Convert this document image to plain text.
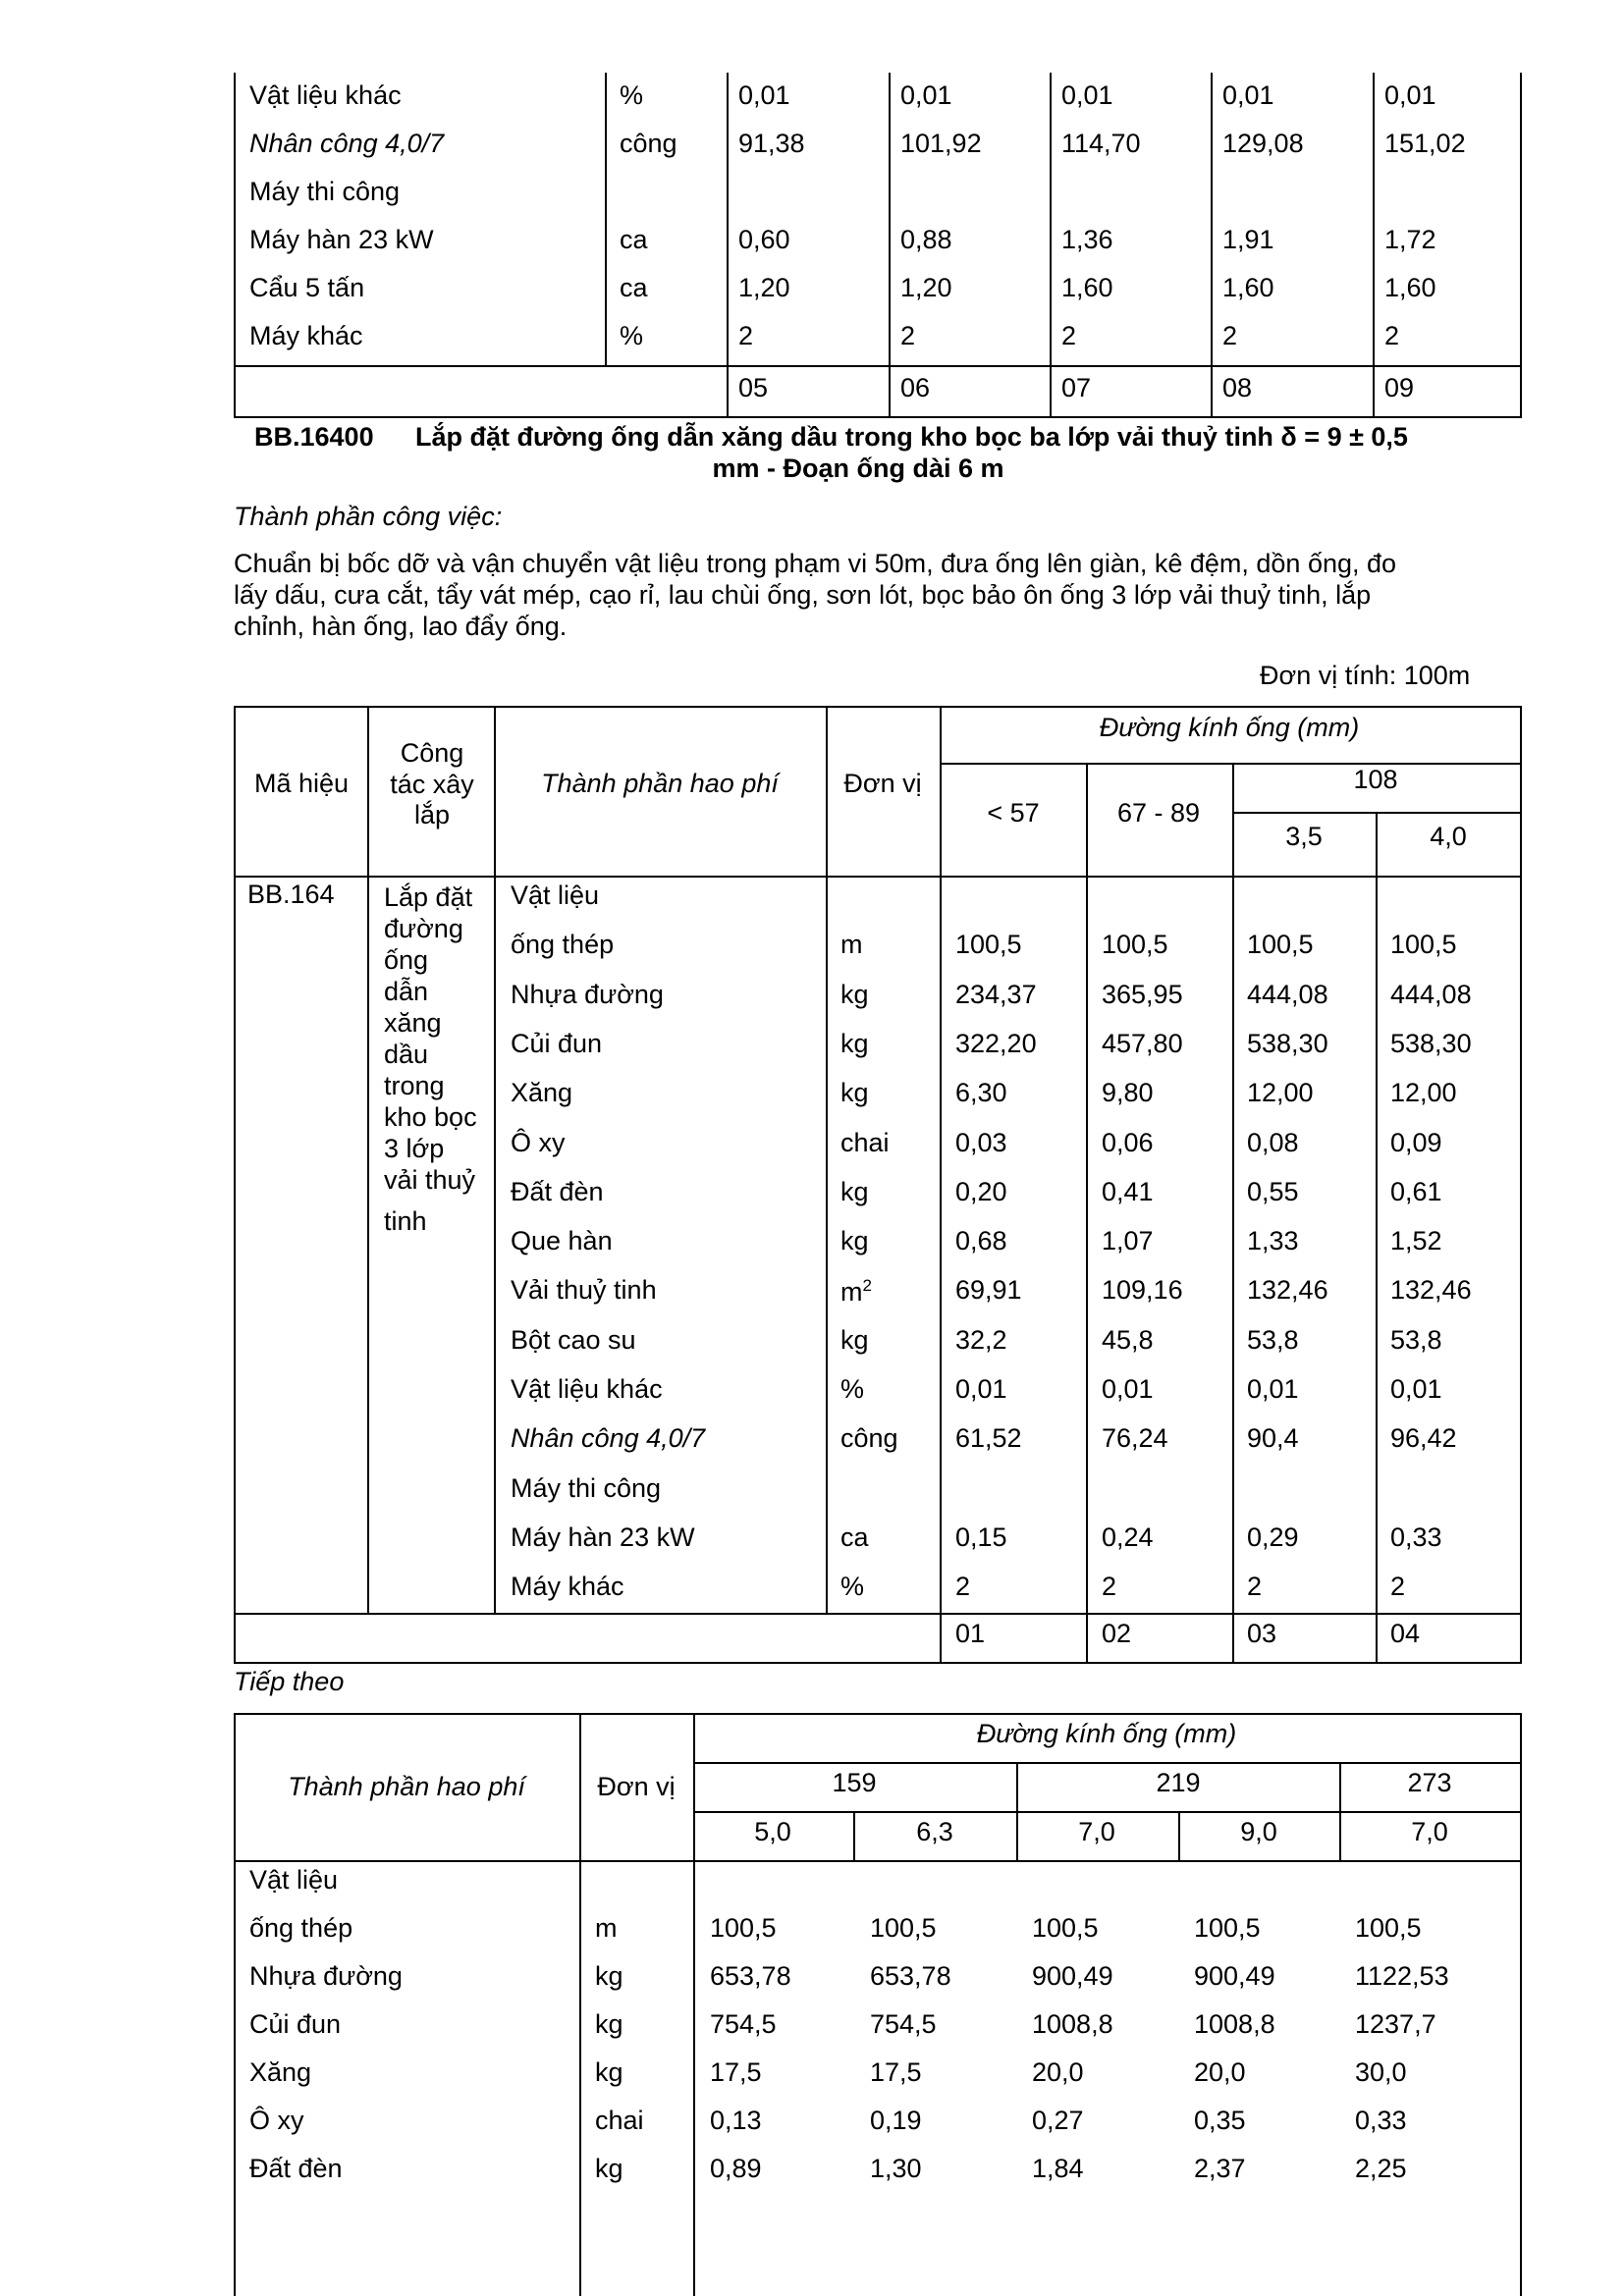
Vật liệu khác	%	0,01	0,01	0,01	0,01	0,01
Nhân công 4,0/7	công 91,38	101,92	114,70	129,08	151,02
Máy thi công
Máy hàn 23 kW	ca	0,60	0,88	1,36	1,91	1,72
Cẩu 5 tấn	ca	1,20	1,20	1,60	1,60	1,60
Máy khác	%	2	2	2	2	2
05	06	07	08	09
BB.16400 Lắp đặt đường ống dẫn xăng dầu trong kho bọc ba lớp vải thuỷ tinh δ = 9 ± 0,5
mm - Đoạn ống dài 6 m
Thành phần công việc:
Chuẩn bị bốc dỡ và vận chuyển vật liệu trong phạm vi 50m, đưa ống lên giàn, kê đệm, dồn ống, đo
lấy dấu, cưa cắt, tẩy vát mép, cạo rỉ, lau chùi ống, sơn lót, bọc bảo ôn ống 3 lớp vải thuỷ tinh, lắp
chỉnh, hàn ống, lao đẩy ống.
Đơn vị tính: 100m
Mã hiệu
Công
tác xây
lắp
Thành phần hao phí Đơn vị
Đường kính ống (mm)
< 57	67 - 89
108
3,5	4,0
BB.164 Lắp đặt
đường
ống
dẫn
xăng
dầu
trong
kho bọc
3 lớp
vải thuỷ
tinh
Vật liệu
ống thép	m	100,5	100,5	100,5	100,5
Nhựa đường	kg	234,37 365,95 444,08 444,08
Củi đun	kg	322,20 457,80 538,30 538,30
Xăng	kg	6,30	9,80	12,00	12,00
Ô xy	chai 0,03	0,06	0,08	0,09
Đất đèn	kg	0,20	0,41	0,55	0,61
Que hàn	kg	0,68	1,07	1,33	1,52
Vải thuỷ tinh	$m^2$	69,91	109,16 132,46 132,46
Bột cao su	kg	32,2	45,8	53,8	53,8
Vật liệu khác	%	0,01	0,01	0,01	0,01
Nhân công 4,0/7	công 61,52	76,24	90,4	96,42
Máy thi công
Máy hàn 23 kW	ca	0,15	0,24	0,29	0,33
Máy khác	%	2	2	2	2
01	02	03	04
Tiếp theo
Thành phần hao phí	Đơn vị
Đường kính ống (mm)
159	219	273
5,0	6,3	7,0	9,0	7,0
Vật liệu
ống thép	m	100,5	100,5	100,5	100,5	100,5
Nhựa đường	kg	653,78	653,78	900,49	900,49	1122,53
Củi đun	kg	754,5	754,5	1008,8	1008,8	1237,7
Xăng	kg	17,5	17,5	20,0	20,0	30,0
Ô xy	chai 0,13	0,19	0,27	0,35	0,33
Đất đèn	kg	0,89	1,30	1,84	2,37	2,25
